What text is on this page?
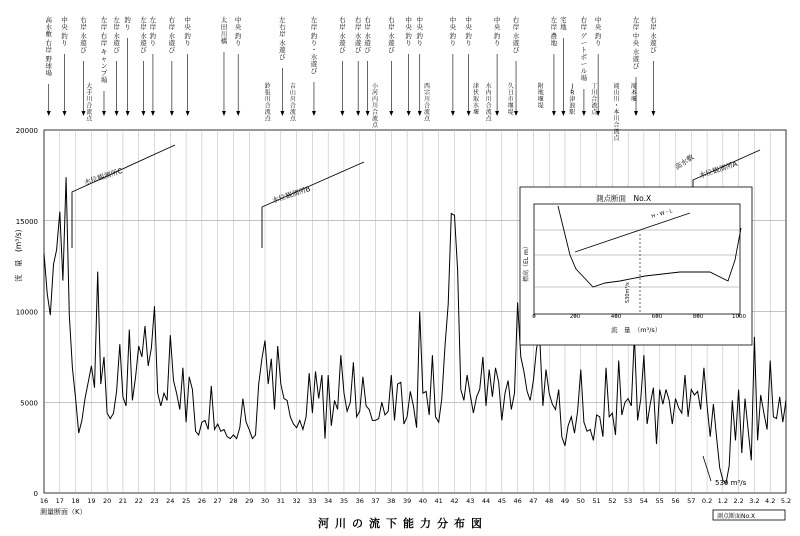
高
水
敷
右
岸
野
球
場
中
央
釣
り
右
岸
水
遊
び
左
岸
右
岸
キ
ャ
ン
プ
場
左
岸
水
遊
び
釣
り
左
岸
水
遊
び
左
岸
釣
り
右
岸
水
遊
び
中
央
釣
り
太
田
川
橋
中
央
釣
り
左
右
岸
水
遊
び
左
岸
釣
り
・
水
遊
び
右
岸
水
遊
び
右
岸
水
遊
び
右
岸
水
遊
び
右
岸
水
遊
び
中
央
釣
り
中
央
釣
り
中
央
釣
り
中
央
釣
り
中
央
釣
り
右
岸
水
遊
び
左
岸
農
地
宅
地
右
岸
ゲ
ー
ト
ボ
ー
ル
場
中
央
釣
り
左
岸
中
央
水
遊
び
右
岸
水
遊
び
0
5000
10000
15000
20000
16 17 18 19 20 21 22 23 24 25 26 27 28 29 30 31 32 33 34 35 36 37 38 39 40 41 42 43 44 45 46 47 48 49 50 51 52 53 54 55 56 57 0.2 1.2 2.2 3.2 4.2 5.2
大
手
川
合
流
点
鈴
張
川
合
流
点
吉
山
川
合
流
点
小
河
内
川
合
流
点
西
宗
川
合
流
点
津
伏
取
水
堰
水
内
川
合
流
点
久
日
市
堰
堤
附
地
堰
堤
丁
川
合
流
点
滝
山
川
・
本
川
合
流
点
滝
本
堰
J
R
津
浪
駅
水位観測所C
水位観測所B
水位観測所A
高水敷
530 m³/s
測点断面　No.X
H・W・L
530m³/s
0	200	400	600	800	1000
流　量　（m³/s）
標高（EL m）
流　量　(m³/s)
測量断面（K）
河川の流下能力分布図
測点断面No.X
